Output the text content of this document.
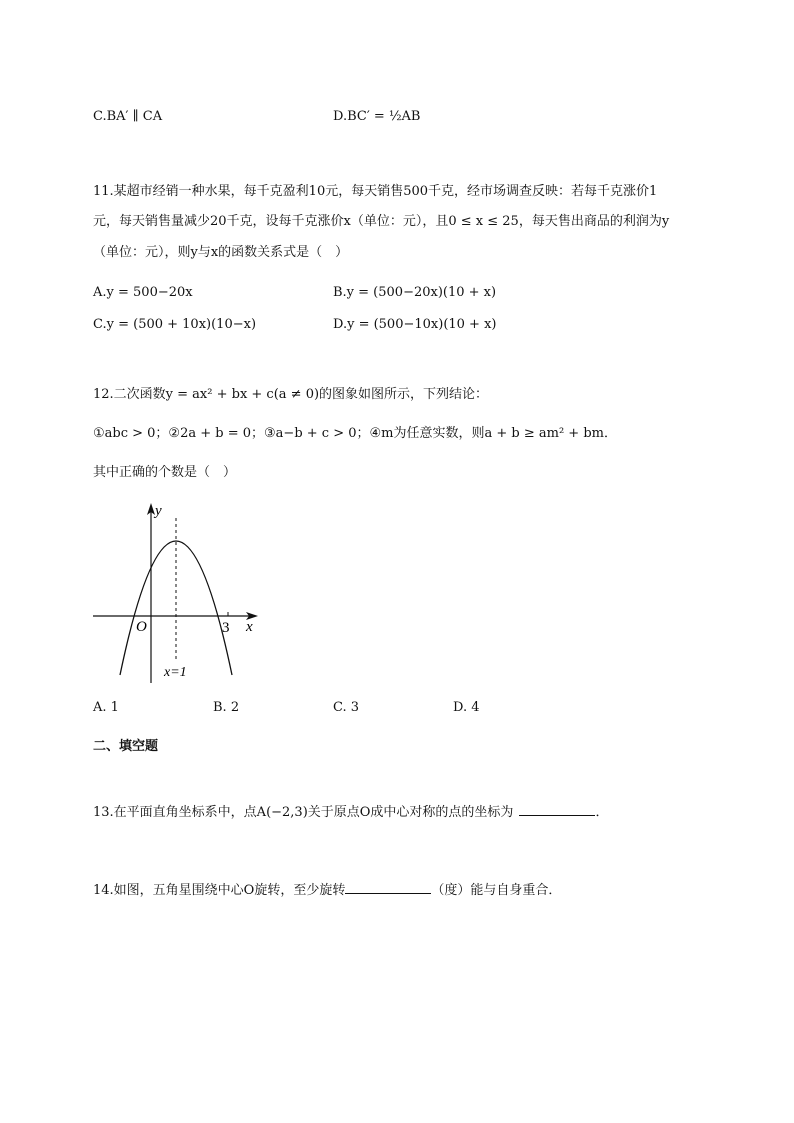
C.BA′ ∥ CA	D.BC′ = ½AB
11.某超市经销一种水果，每千克盈利10元，每天销售500千克，经市场调查反映：若每千克涨价1
元，每天销售量减少20千克，设每千克涨价x（单位：元），且0 ≤ x ≤ 25，每天售出商品的利润为y
（单位：元），则y与x的函数关系式是（　）
A.y = 500−20x	B.y = (500−20x)(10 + x)
C.y = (500 + 10x)(10−x)	D.y = (500−10x)(10 + x)
12.二次函数y = ax² + bx + c(a ≠ 0)的图象如图所示，下列结论：
①abc > 0；②2a + b = 0；③a−b + c > 0；④m为任意实数，则a + b ≥ am² + bm．
其中正确的个数是（　）
y
x
O	3
x=1
A. 1	B. 2	C. 3	D. 4
二、填空题
13.在平面直角坐标系中，点A(−2,3)关于原点O成中心对称的点的坐标为	．
14.如图，五角星围绕中心O旋转，至少旋转	（度）能与自身重合．
